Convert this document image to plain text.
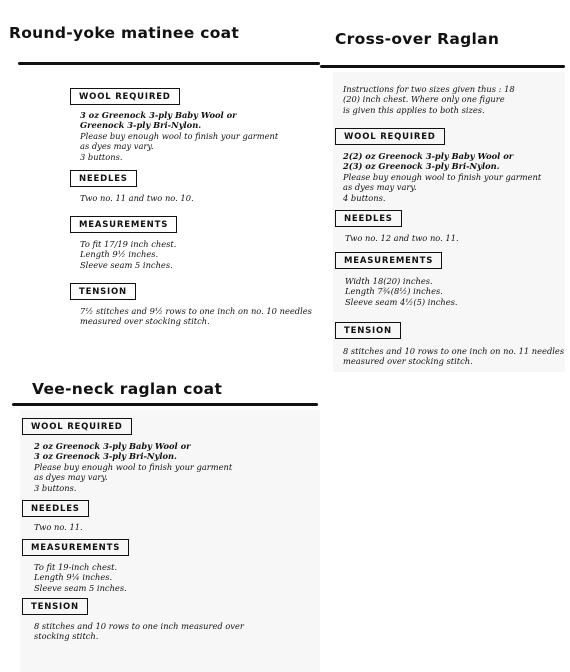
Round-yoke matinee coat
WOOL REQUIRED
3 oz Greenock 3-ply Baby Wool or
Greenock 3-ply Bri-Nylon.
Please buy enough wool to finish your garment
as dyes may vary.
3 buttons.
NEEDLES
Two no. 11 and two no. 10.
MEASUREMENTS
To fit 17/19 inch chest.
Length 9½ inches.
Sleeve seam 5 inches.
TENSION
7½ stitches and 9½ rows to one inch on no. 10 needles
measured over stocking stitch.
Cross-over Raglan
Instructions for two sizes given thus : 18
(20) inch chest. Where only one figure
is given this applies to both sizes.
WOOL REQUIRED
2(2) oz Greenock 3-ply Baby Wool or
2(3) oz Greenock 3-ply Bri-Nylon.
Please buy enough wool to finish your garment
as dyes may vary.
4 buttons.
NEEDLES
Two no. 12 and two no. 11.
MEASUREMENTS
Width 18(20) inches.
Length 7¾(8½) inches.
Sleeve seam 4½(5) inches.
TENSION
8 stitches and 10 rows to one inch on no. 11 needles
measured over stocking stitch.
Vee-neck raglan coat
WOOL REQUIRED
2 oz Greenock 3-ply Baby Wool or
3 oz Greenock 3-ply Bri-Nylon.
Please buy enough wool to finish your garment
as dyes may vary.
3 buttons.
NEEDLES
Two no. 11.
MEASUREMENTS
To fit 19-inch chest.
Length 9¼ inches.
Sleeve seam 5 inches.
TENSION
8 stitches and 10 rows to one inch measured over
stocking stitch.
